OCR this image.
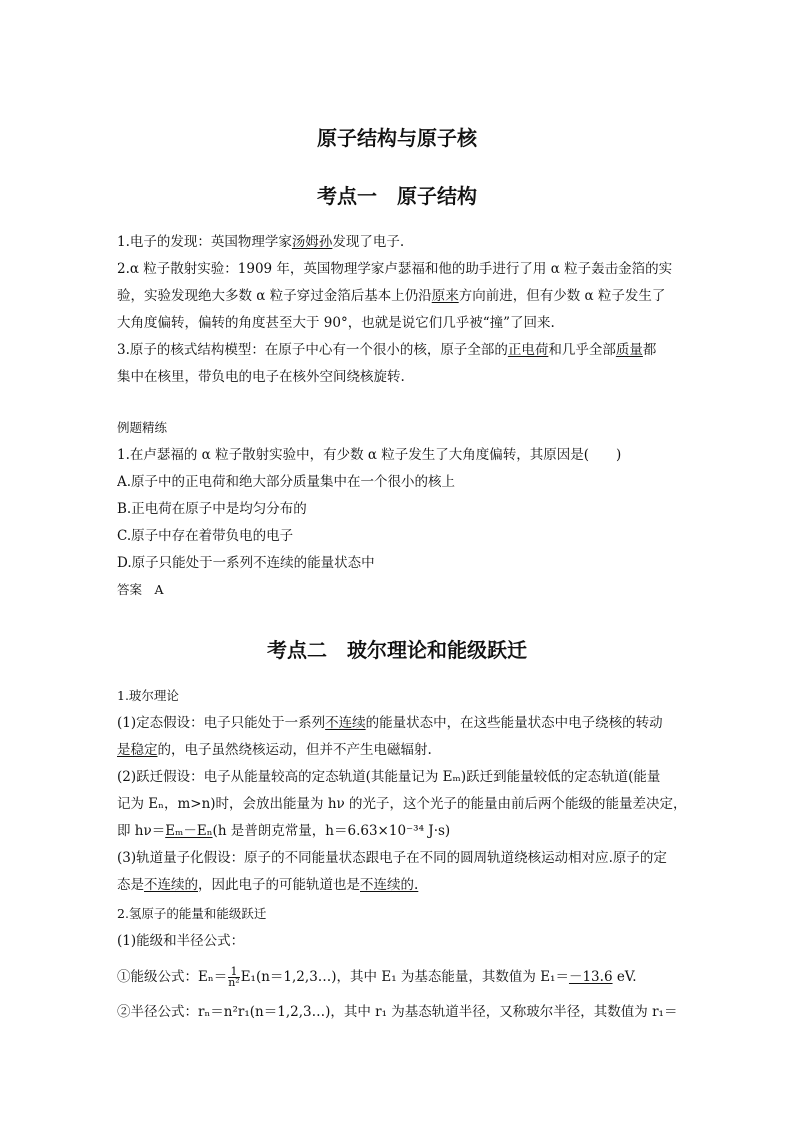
原子结构与原子核
考点一　原子结构
1.电子的发现：英国物理学家汤姆孙发现了电子.
2.α 粒子散射实验：1909 年，英国物理学家卢瑟福和他的助手进行了用 α 粒子轰击金箔的实
验，实验发现绝大多数 α 粒子穿过金箔后基本上仍沿原来方向前进，但有少数 α 粒子发生了
大角度偏转，偏转的角度甚至大于 90°，也就是说它们几乎被“撞”了回来.
3.原子的核式结构模型：在原子中心有一个很小的核，原子全部的正电荷和几乎全部质量都
集中在核里，带负电的电子在核外空间绕核旋转.
例题精练
1.在卢瑟福的 α 粒子散射实验中，有少数 α 粒子发生了大角度偏转，其原因是(　　)
A.原子中的正电荷和绝大部分质量集中在一个很小的核上
B.正电荷在原子中是均匀分布的
C.原子中存在着带负电的电子
D.原子只能处于一系列不连续的能量状态中
答案　A
考点二　玻尔理论和能级跃迁
1.玻尔理论
(1)定态假设：电子只能处于一系列不连续的能量状态中，在这些能量状态中电子绕核的转动
是稳定的，电子虽然绕核运动，但并不产生电磁辐射.
(2)跃迁假设：电子从能量较高的定态轨道(其能量记为 Eₘ)跃迁到能量较低的定态轨道(能量
记为 Eₙ，m>n)时，会放出能量为 hν 的光子，这个光子的能量由前后两个能级的能量差决定，
即 hν＝Eₘ－Eₙ(h 是普朗克常量，h＝6.63×10⁻³⁴ J·s)
(3)轨道量子化假设：原子的不同能量状态跟电子在不同的圆周轨道绕核运动相对应.原子的定
态是不连续的，因此电子的可能轨道也是不连续的.
2.氢原子的能量和能级跃迁
(1)能级和半径公式：
①能级公式：$E_n= \frac{1}{\text{n²}}$ E₁(n＝1,2,3…)，其中 E₁ 为基态能量，其数值为 E₁＝－13.6 eV.
②半径公式：rₙ＝n²r₁(n＝1,2,3…)，其中 r₁ 为基态轨道半径，又称玻尔半径，其数值为 r₁＝
